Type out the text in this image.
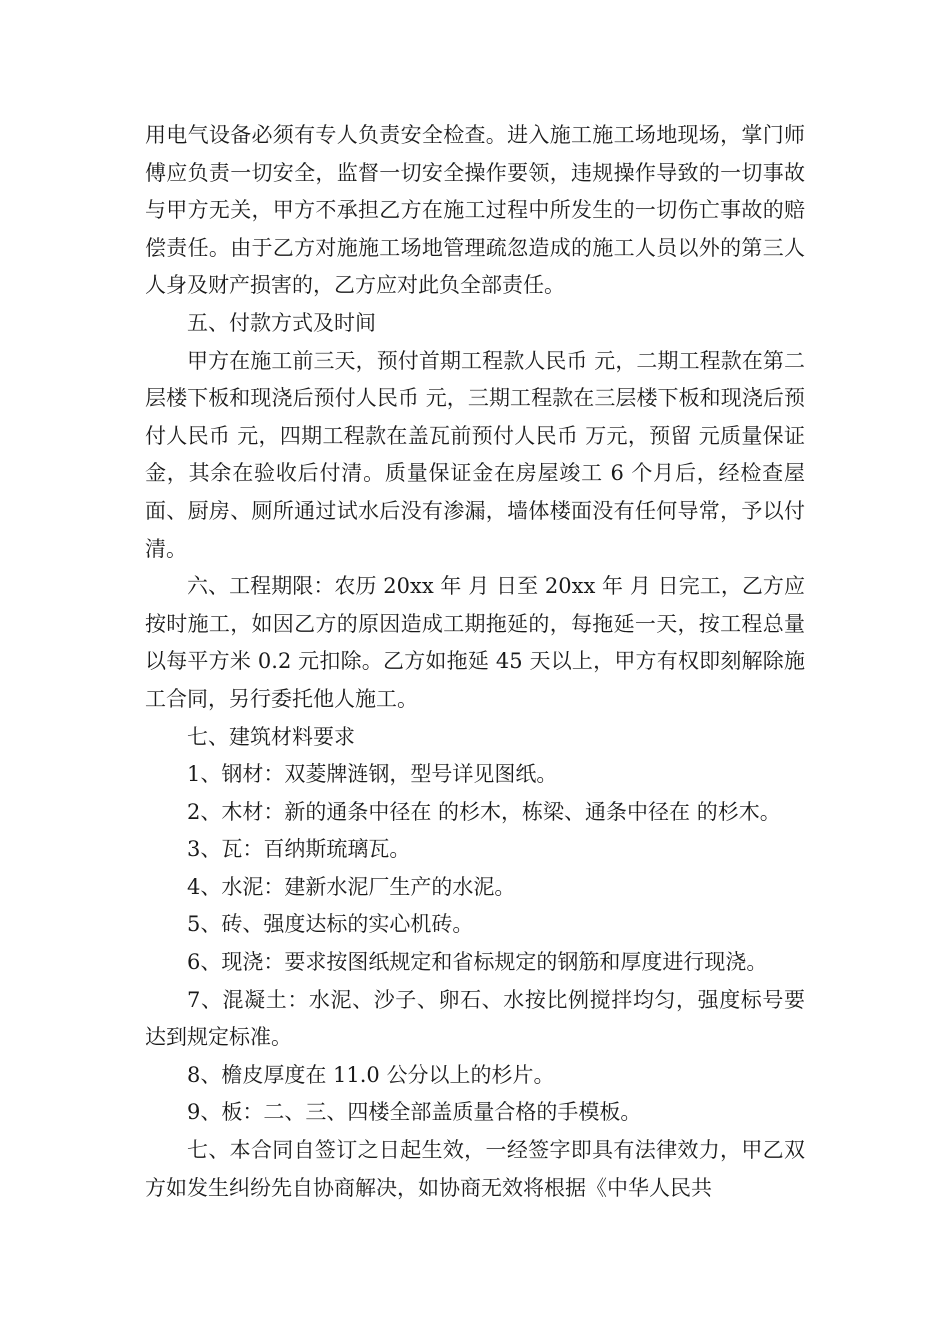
用电气设备必须有专人负责安全检查。进入施工施工场地现场，掌门师傅应负责一切安全，监督一切安全操作要领，违规操作导致的一切事故与甲方无关，甲方不承担乙方在施工过程中所发生的一切伤亡事故的赔偿责任。由于乙方对施施工场地管理疏忽造成的施工人员以外的第三人人身及财产损害的，乙方应对此负全部责任。

五、付款方式及时间

甲方在施工前三天，预付首期工程款人民币 元，二期工程款在第二层楼下板和现浇后预付人民币 元，三期工程款在三层楼下板和现浇后预付人民币 元，四期工程款在盖瓦前预付人民币 万元，预留 元质量保证金，其余在验收后付清。质量保证金在房屋竣工 6 个月后，经检查屋面、厨房、厕所通过试水后没有渗漏，墙体楼面没有任何导常，予以付清。

六、工程期限：农历 20xx 年 月 日至 20xx 年 月 日完工，乙方应按时施工，如因乙方的原因造成工期拖延的，每拖延一天，按工程总量以每平方米 0.2 元扣除。乙方如拖延 45 天以上，甲方有权即刻解除施工合同，另行委托他人施工。

七、建筑材料要求

1、钢材：双菱牌涟钢，型号详见图纸。

2、木材：新的通条中径在 的杉木，栋梁、通条中径在 的杉木。

3、瓦：百纳斯琉璃瓦。

4、水泥：建新水泥厂生产的水泥。

5、砖、强度达标的实心机砖。

6、现浇：要求按图纸规定和省标规定的钢筋和厚度进行现浇。

7、混凝土：水泥、沙子、卵石、水按比例搅拌均匀，强度标号要达到规定标准。

8、檐皮厚度在 11.0 公分以上的杉片。

9、板：二、三、四楼全部盖质量合格的手模板。

七、本合同自签订之日起生效，一经签字即具有法律效力，甲乙双方如发生纠纷先自协商解决，如协商无效将根据《中华人民共
